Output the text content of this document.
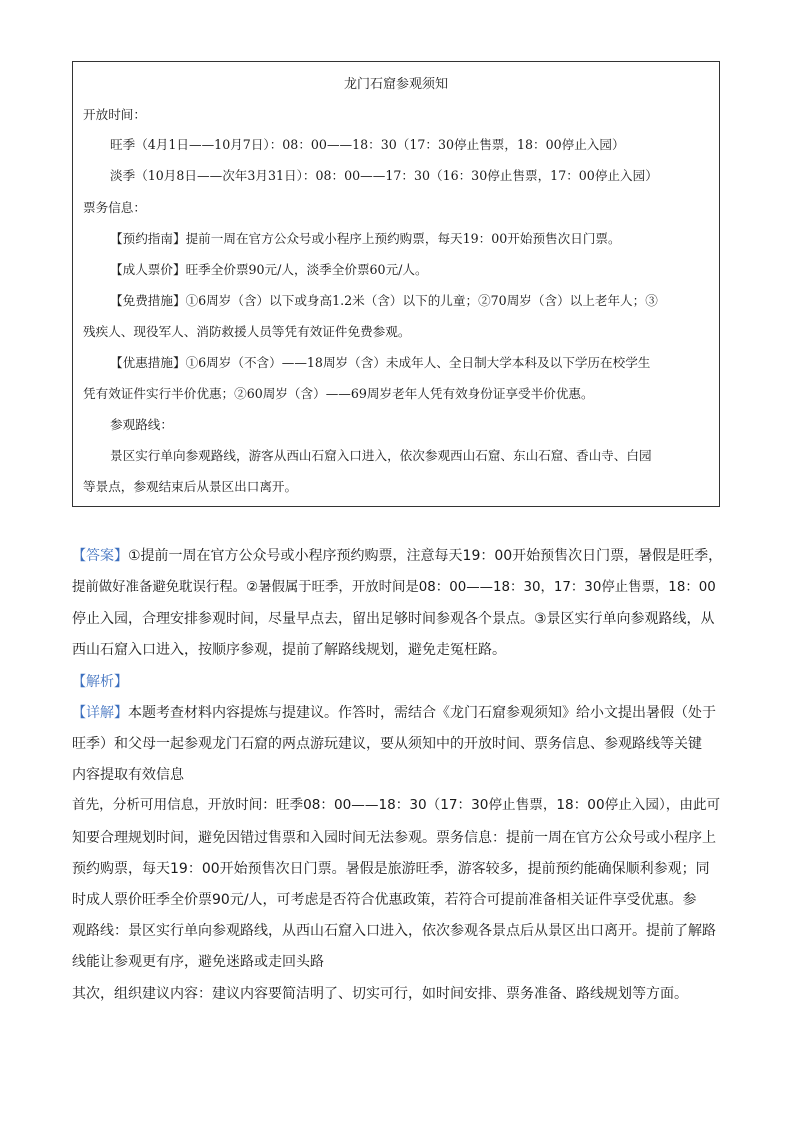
龙门石窟参观须知
开放时间：
旺季（4月1日——10月7日）：08：00——18：30（17：30停止售票，18：00停止入园）
淡季（10月8日——次年3月31日）：08：00——17：30（16：30停止售票，17：00停止入园）
票务信息：
【预约指南】提前一周在官方公众号或小程序上预约购票，每天19：00开始预售次日门票。
【成人票价】旺季全价票90元/人，淡季全价票60元/人。
【免费措施】①6周岁（含）以下或身高1.2米（含）以下的儿童；②70周岁（含）以上老年人；③
残疾人、现役军人、消防救援人员等凭有效证件免费参观。
【优惠措施】①6周岁（不含）——18周岁（含）未成年人、全日制大学本科及以下学历在校学生
凭有效证件实行半价优惠；②60周岁（含）——69周岁老年人凭有效身份证享受半价优惠。
参观路线：
景区实行单向参观路线，游客从西山石窟入口进入，依次参观西山石窟、东山石窟、香山寺、白园
等景点，参观结束后从景区出口离开。
【答案】①提前一周在官方公众号或小程序预约购票，注意每天19：00开始预售次日门票，暑假是旺季，
提前做好准备避免耽误行程。②暑假属于旺季，开放时间是08：00——18：30，17：30停止售票，18：00
停止入园，合理安排参观时间，尽量早点去，留出足够时间参观各个景点。③景区实行单向参观路线，从
西山石窟入口进入，按顺序参观，提前了解路线规划，避免走冤枉路。
【解析】
【详解】本题考查材料内容提炼与提建议。作答时，需结合《龙门石窟参观须知》给小文提出暑假（处于
旺季）和父母一起参观龙门石窟的两点游玩建议，要从须知中的开放时间、票务信息、参观路线等关键
内容提取有效信息
首先，分析可用信息，开放时间：旺季08：00——18：30（17：30停止售票，18：00停止入园），由此可
知要合理规划时间，避免因错过售票和入园时间无法参观。票务信息：提前一周在官方公众号或小程序上
预约购票，每天19：00开始预售次日门票。暑假是旅游旺季，游客较多，提前预约能确保顺利参观；同
时成人票价旺季全价票90元/人，可考虑是否符合优惠政策，若符合可提前准备相关证件享受优惠。参
观路线：景区实行单向参观路线，从西山石窟入口进入，依次参观各景点后从景区出口离开。提前了解路
线能让参观更有序，避免迷路或走回头路
其次，组织建议内容：建议内容要简洁明了、切实可行，如时间安排、票务准备、路线规划等方面。
